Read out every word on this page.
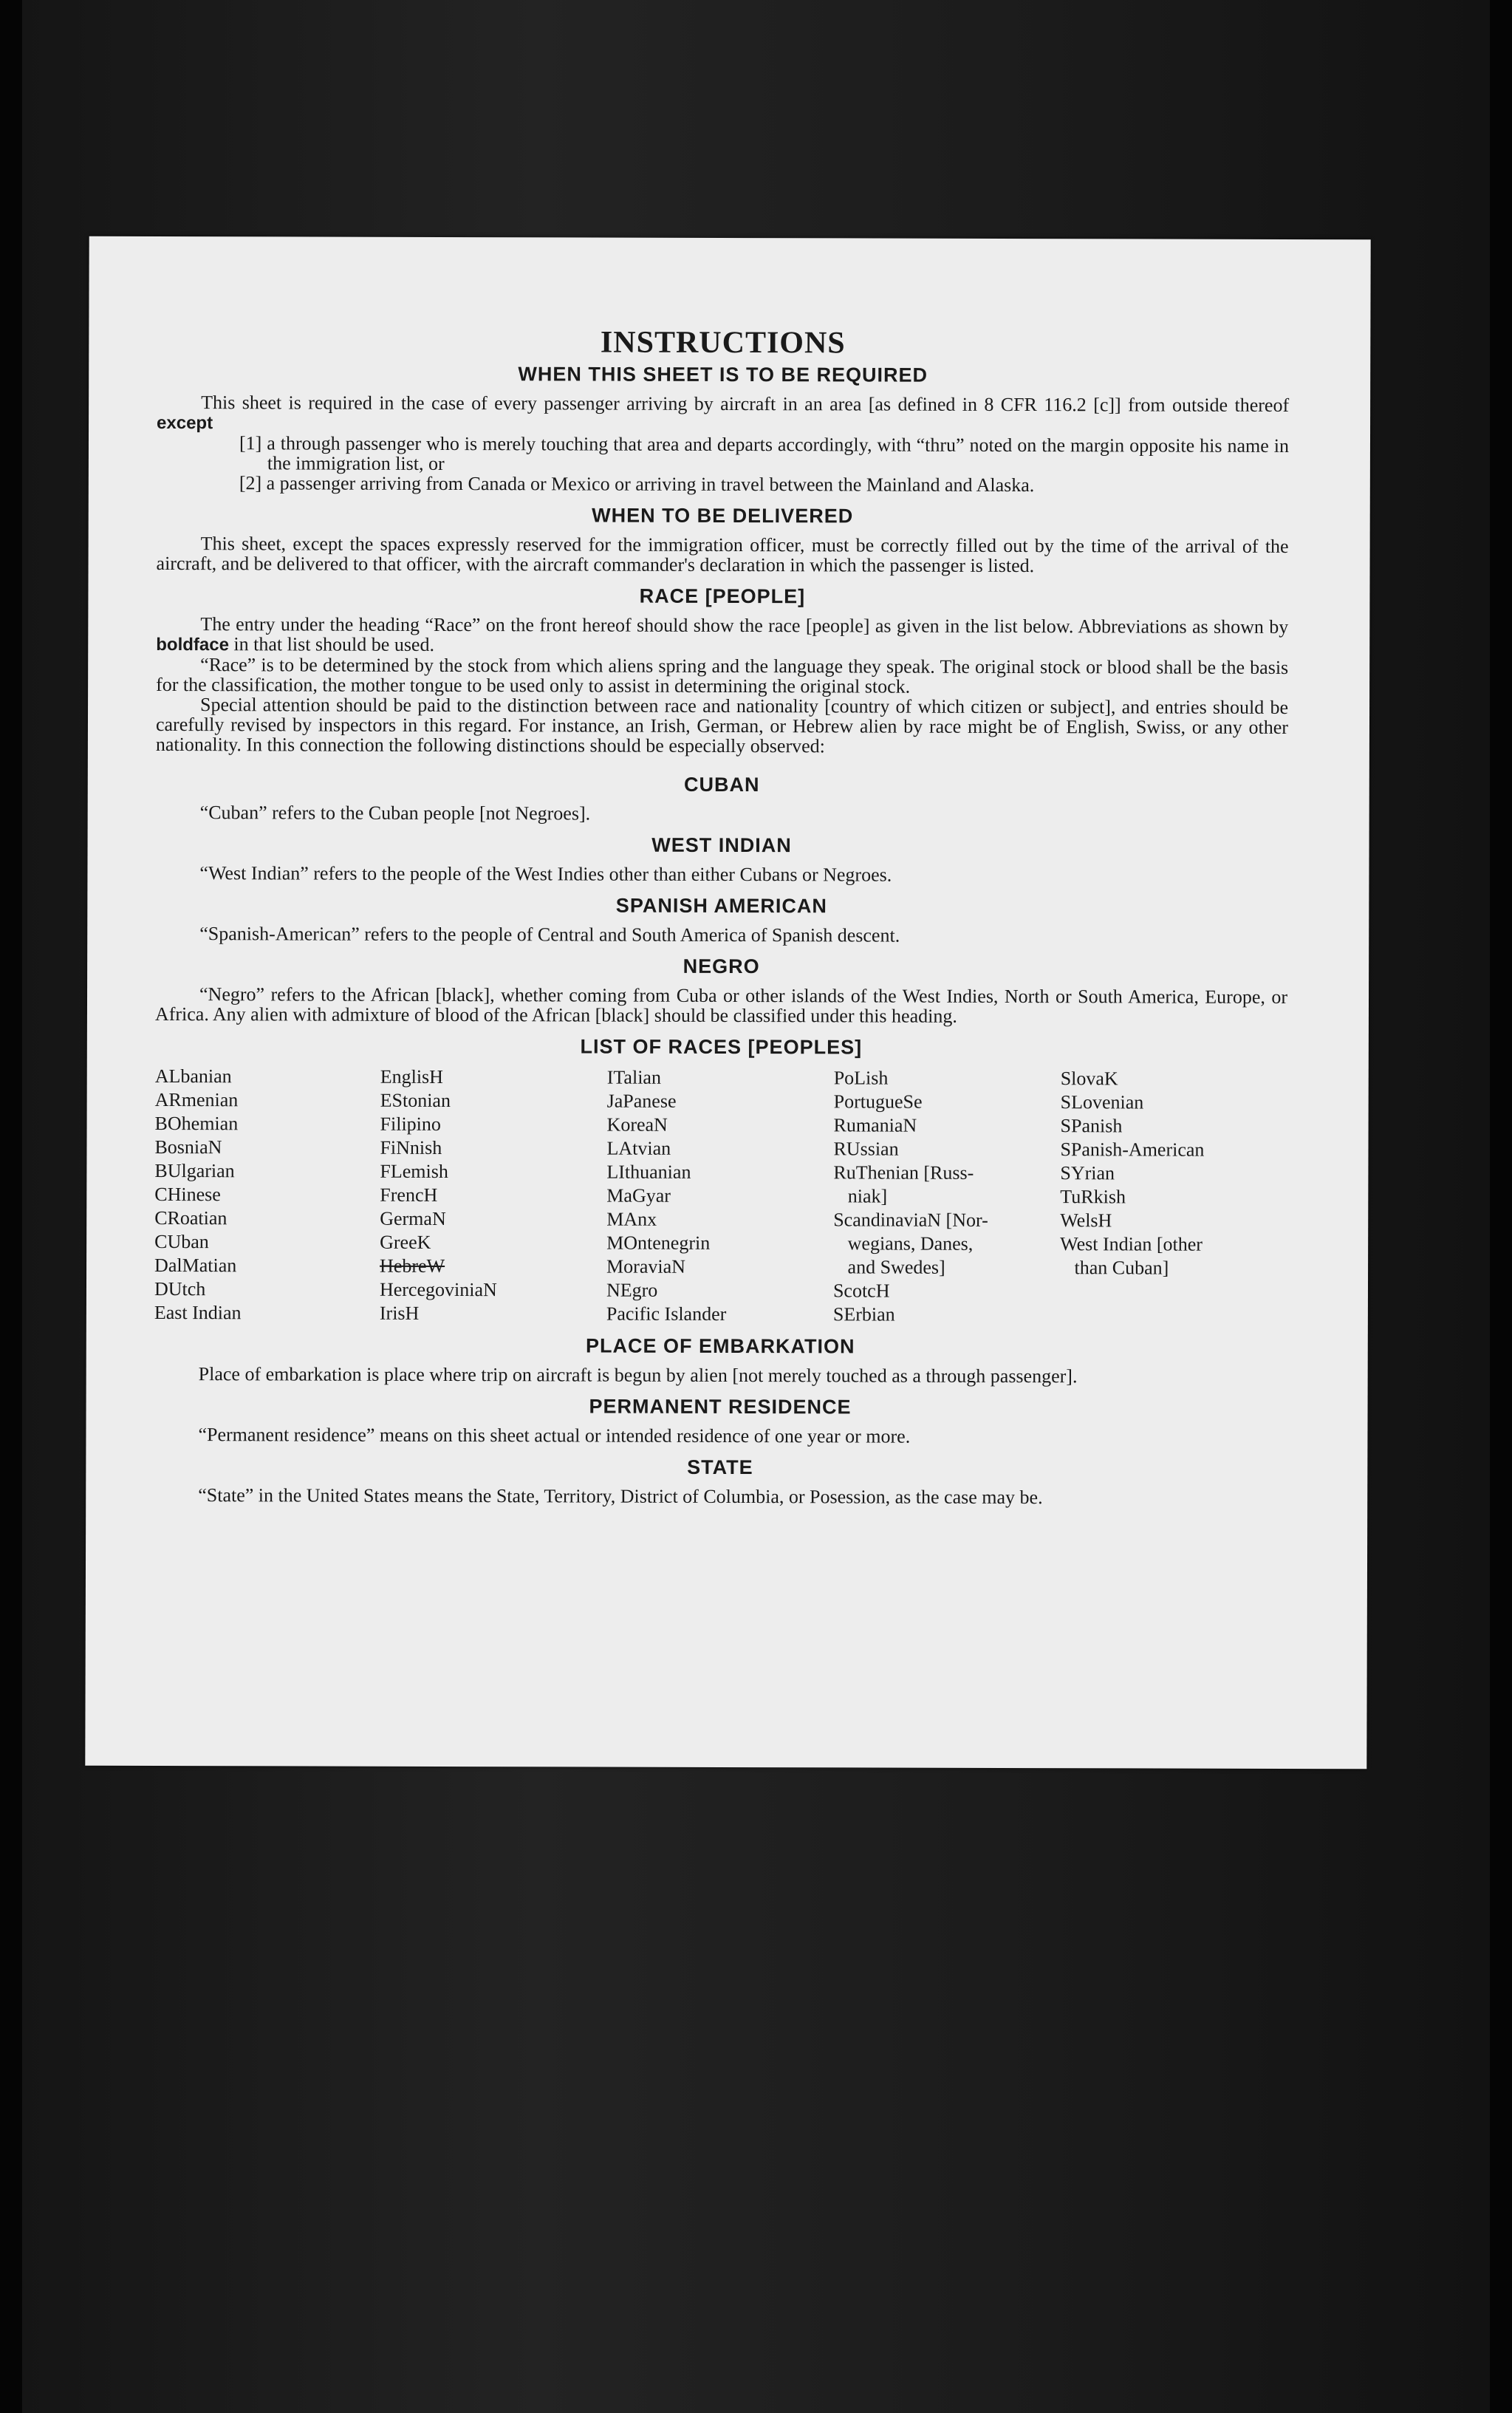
INSTRUCTIONS
WHEN THIS SHEET IS TO BE REQUIRED

This sheet is required in the case of every passenger arriving by aircraft in an area [as defined in 8 CFR 116.2 [c]] from outside thereof except

[1] a through passenger who is merely touching that area and departs accordingly, with “thru” noted on the margin opposite his name in the immigration list, or

[2] a passenger arriving from Canada or Mexico or arriving in travel between the Mainland and Alaska.

WHEN TO BE DELIVERED

This sheet, except the spaces expressly reserved for the immigration officer, must be correctly filled out by the time of the arrival of the aircraft, and be delivered to that officer, with the aircraft commander's declaration in which the passenger is listed.

RACE [PEOPLE]

The entry under the heading “Race” on the front hereof should show the race [people] as given in the list below. Abbreviations as shown by boldface in that list should be used.

“Race” is to be determined by the stock from which aliens spring and the language they speak. The original stock or blood shall be the basis for the classification, the mother tongue to be used only to assist in determining the original stock.

Special attention should be paid to the distinction between race and nationality [country of which citizen or subject], and entries should be carefully revised by inspectors in this regard. For instance, an Irish, German, or Hebrew alien by race might be of English, Swiss, or any other nationality. In this connection the following distinctions should be especially observed:

CUBAN

“Cuban” refers to the Cuban people [not Negroes].

WEST INDIAN

“West Indian” refers to the people of the West Indies other than either Cubans or Negroes.

SPANISH AMERICAN

“Spanish-American” refers to the people of Central and South America of Spanish descent.

NEGRO

“Negro” refers to the African [black], whether coming from Cuba or other islands of the West Indies, North or South America, Europe, or Africa. Any alien with admixture of blood of the African [black] should be classified under this heading.

LIST OF RACES [PEOPLES]
ALbanian
ARmenian
BOhemian
BosniaN
BUlgarian
CHinese
CRoatian
CUban
DalMatian
DUtch
East Indian
EnglisH
EStonian
Filipino
FiNnish
FLemish
FrencH
GermaN
GreeK
HebreW
HercegoviniaN
IrisH
ITalian
JaPanese
KoreaN
LAtvian
LIthuanian
MaGyar
MAnx
MOntenegrin
MoraviaN
NEgro
Pacific Islander
PoLish
PortugueSe
RumaniaN
RUssian
RuThenian [Russ-
niak]
ScandinaviaN [Nor-
wegians, Danes,
and Swedes]
ScotcH
SErbian
SlovaK
SLovenian
SPanish
SPanish-American
SYrian
TuRkish
WelsH
West Indian [other
than Cuban]
PLACE OF EMBARKATION

Place of embarkation is place where trip on aircraft is begun by alien [not merely touched as a through passenger].

PERMANENT RESIDENCE

“Permanent residence” means on this sheet actual or intended residence of one year or more.

STATE

“State” in the United States means the State, Territory, District of Columbia, or Posession, as the case may be.
